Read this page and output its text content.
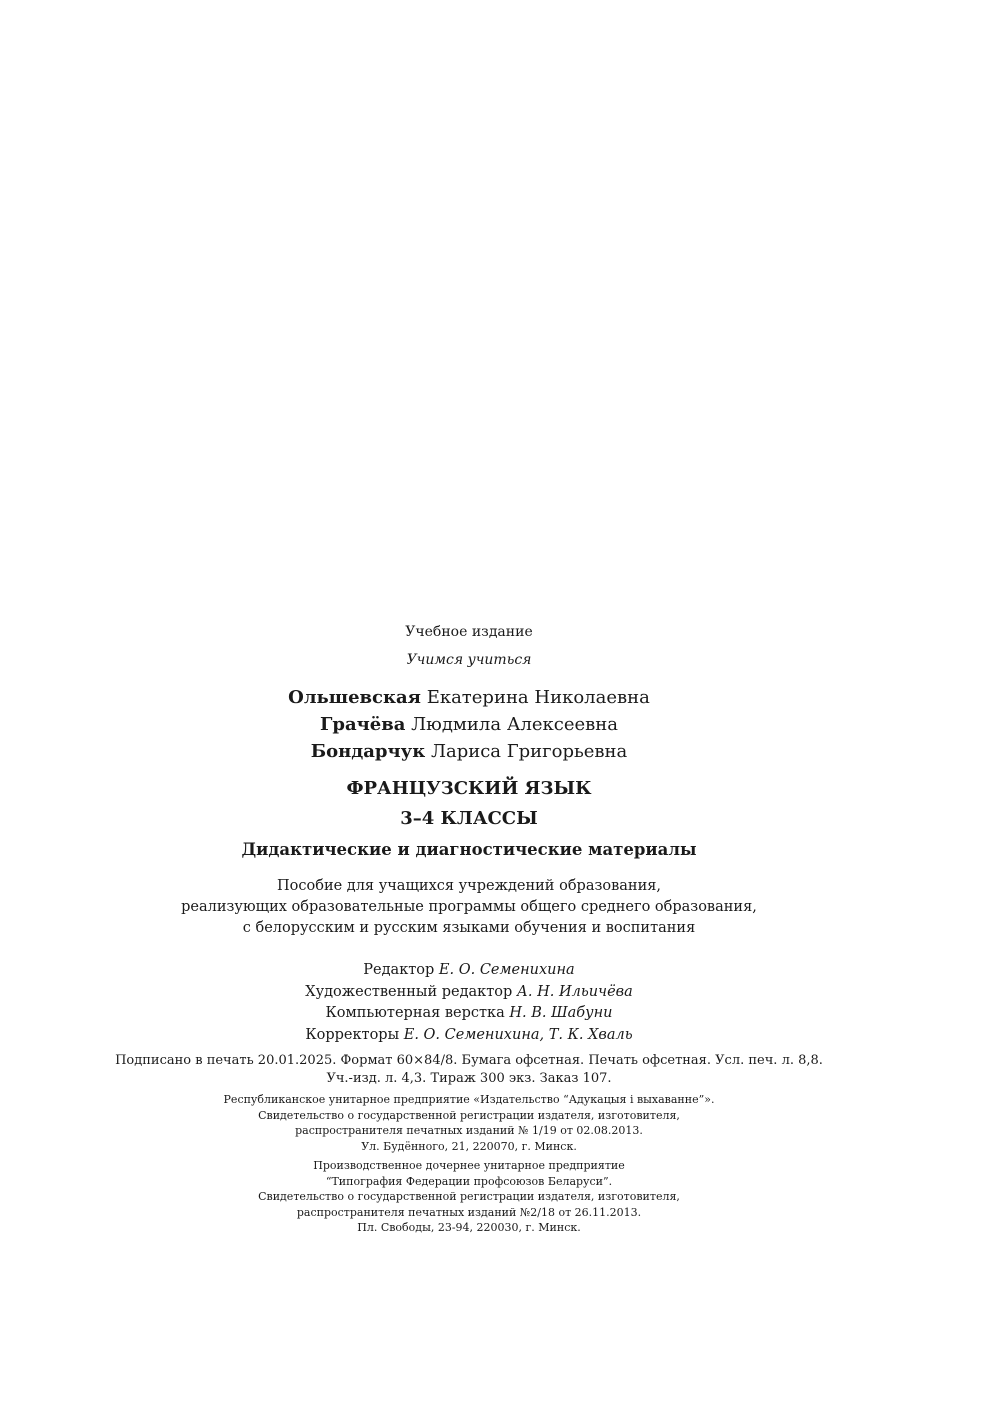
Учебное издание
Учимся учиться
Ольшевская Екатерина Николаевна
Грачёва Людмила Алексеевна
Бондарчук Лариса Григорьевна
ФРАНЦУЗСКИЙ ЯЗЫК
3–4 КЛАССЫ
Дидактические и диагностические материалы
Пособие для учащихся учреждений образования,
реализующих образовательные программы общего среднего образования,
с белорусским и русским языками обучения и воспитания
Редактор Е. О. Семенихина
Художественный редактор А. Н. Ильичёва
Компьютерная верстка Н. В. Шабуни
Корректоры Е. О. Семенихина, Т. К. Хваль
Подписано в печать 20.01.2025. Формат 60×84/8. Бумага офсетная. Печать офсетная. Усл. печ. л. 8,8.
Уч.-изд. л. 4,3. Тираж 300 экз. Заказ 107.
Республиканское унитарное предприятие «Издательство “Адукацыя і выхаванне”».
Свидетельство о государственной регистрации издателя, изготовителя,
распространителя печатных изданий № 1/19 от 02.08.2013.
Ул. Будённого, 21, 220070, г. Минск.
Производственное дочернее унитарное предприятие
“Типография Федерации профсоюзов Беларуси”.
Свидетельство о государственной регистрации издателя, изготовителя,
распространителя печатных изданий №2/18 от 26.11.2013.
Пл. Свободы, 23-94, 220030, г. Минск.
